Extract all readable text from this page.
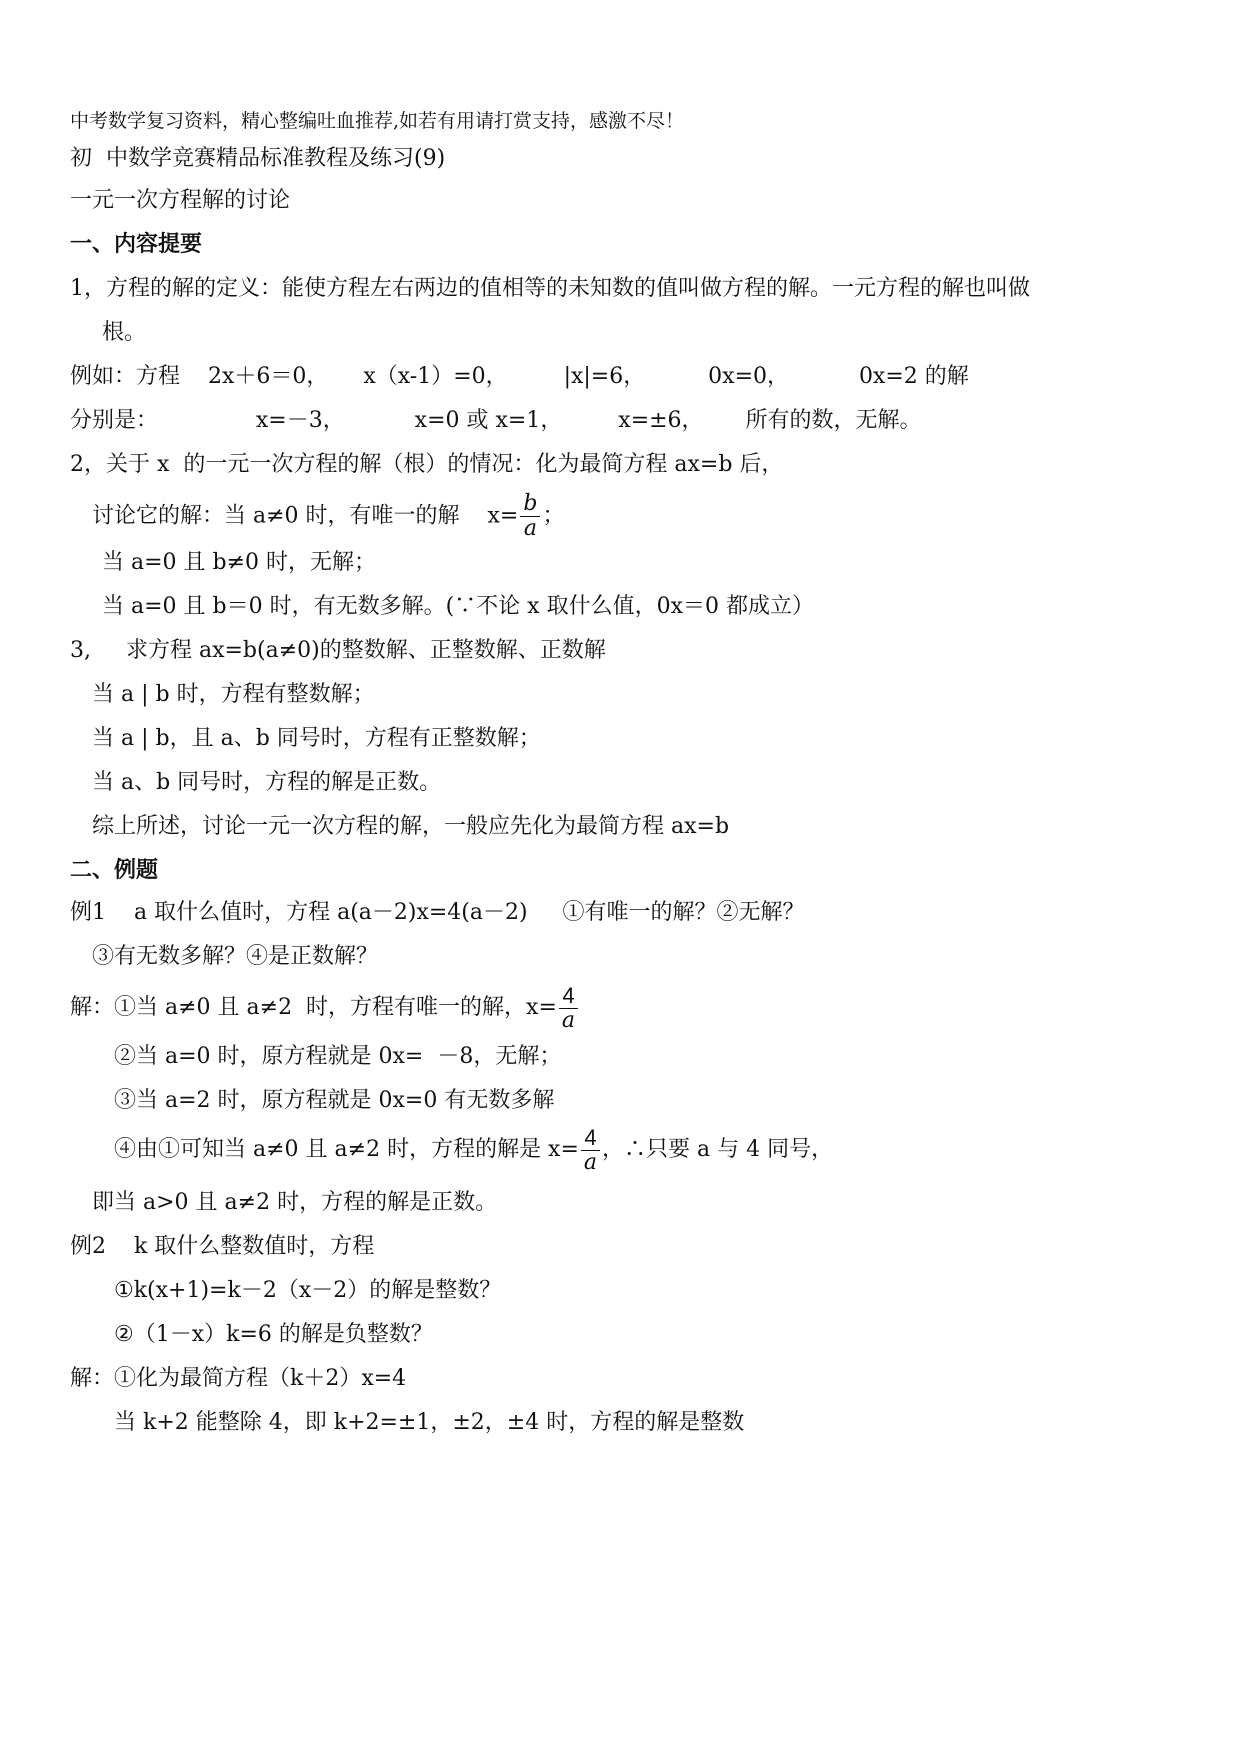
中考数学复习资料，精心整编吐血推荐,如若有用请打赏支持，感激不尽！
初  中数学竞赛精品标准教程及练习(9)
一元一次方程解的讨论
一、内容提要
1，方程的解的定义：能使方程左右两边的值相等的未知数的值叫做方程的解。一元方程的解也叫做
根。
例如：方程    2x＋6＝0，     x（x-1）=0，        |x|=6，         0x=0，          0x=2 的解
分别是：              x=－3，          x=0 或 x=1，        x=±6，      所有的数，无解。
2，关于 x  的一元一次方程的解（根）的情况：化为最简方程 ax=b 后，
讨论它的解：当 a≠0 时，有唯一的解    $x= \frac{b}{a}$ ；
当 a=0 且 b≠0 时，无解；
当 a=0 且 b＝0 时，有无数多解。(∵不论 x 取什么值，0x＝0 都成立）
3,     求方程 ax=b(a≠0)的整数解、正整数解、正数解
当 a | b 时，方程有整数解；
当 a | b，且 a、b 同号时，方程有正整数解；
当 a、b 同号时，方程的解是正数。
综上所述，讨论一元一次方程的解，一般应先化为最简方程 ax=b
二、例题
例1    a 取什么值时，方程 a(a－2)x=4(a－2)     ①有唯一的解？②无解？
③有无数多解？④是正数解？
解：①当 a≠0 且 a≠2  时，方程有唯一的解，$x= \frac{4}{a}$
②当 a=0 时，原方程就是 0x=  －8，无解；
③当 a=2 时，原方程就是 0x=0 有无数多解
④由①可知当 a≠0 且 a≠2 时，方程的解是 $x= \frac{4}{a}$ ，∴只要 a 与 4 同号，
即当 a>0 且 a≠2 时，方程的解是正数。
例2    k 取什么整数值时，方程
①k(x+1)=k－2（x－2）的解是整数？
②（1－x）k=6 的解是负整数？
解：①化为最简方程（k＋2）x=4
当 k+2 能整除 4，即 k+2=±1，±2，±4 时，方程的解是整数
